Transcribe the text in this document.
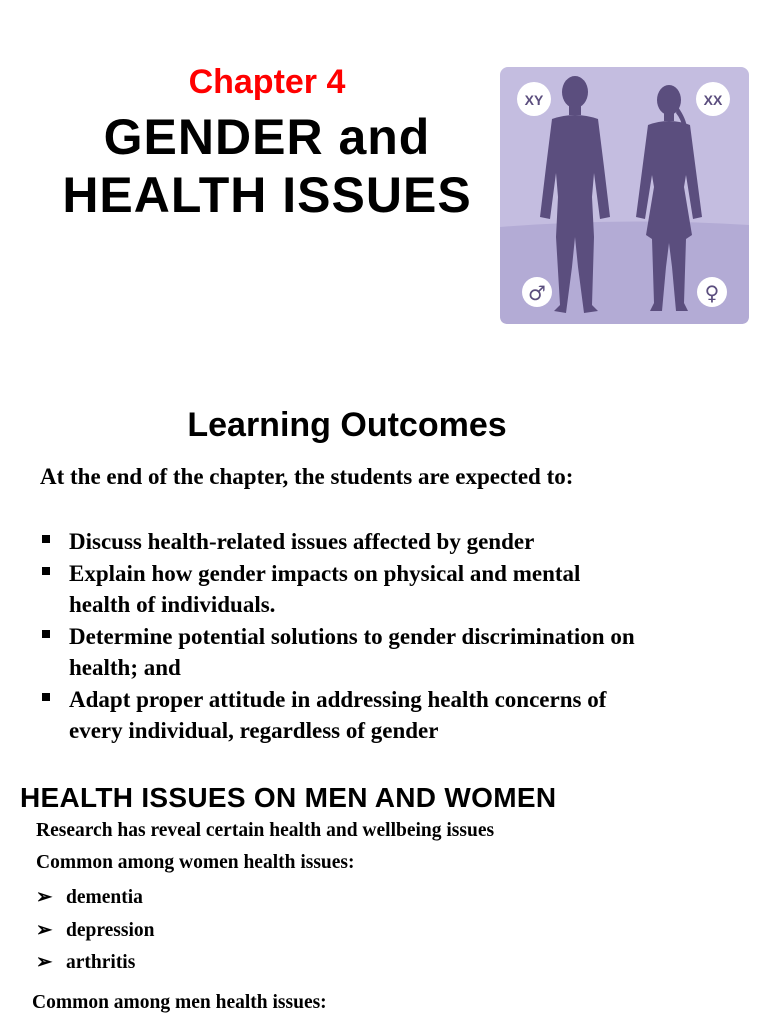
Chapter 4
GENDER and
HEALTH ISSUES
XY	XX
♂	♀
Learning Outcomes
At the end of the chapter, the students are expected to:
Discuss health-related issues affected by gender
Explain how gender impacts on physical and mental
health of individuals.
Determine potential solutions to gender discrimination on
health; and
Adapt proper attitude in addressing health concerns of
every individual, regardless of gender
HEALTH ISSUES ON MEN AND WOMEN
Research has reveal certain health and wellbeing issues
Common among women health issues:
➢ dementia
➢ depression
➢ arthritis
Common among men health issues:
